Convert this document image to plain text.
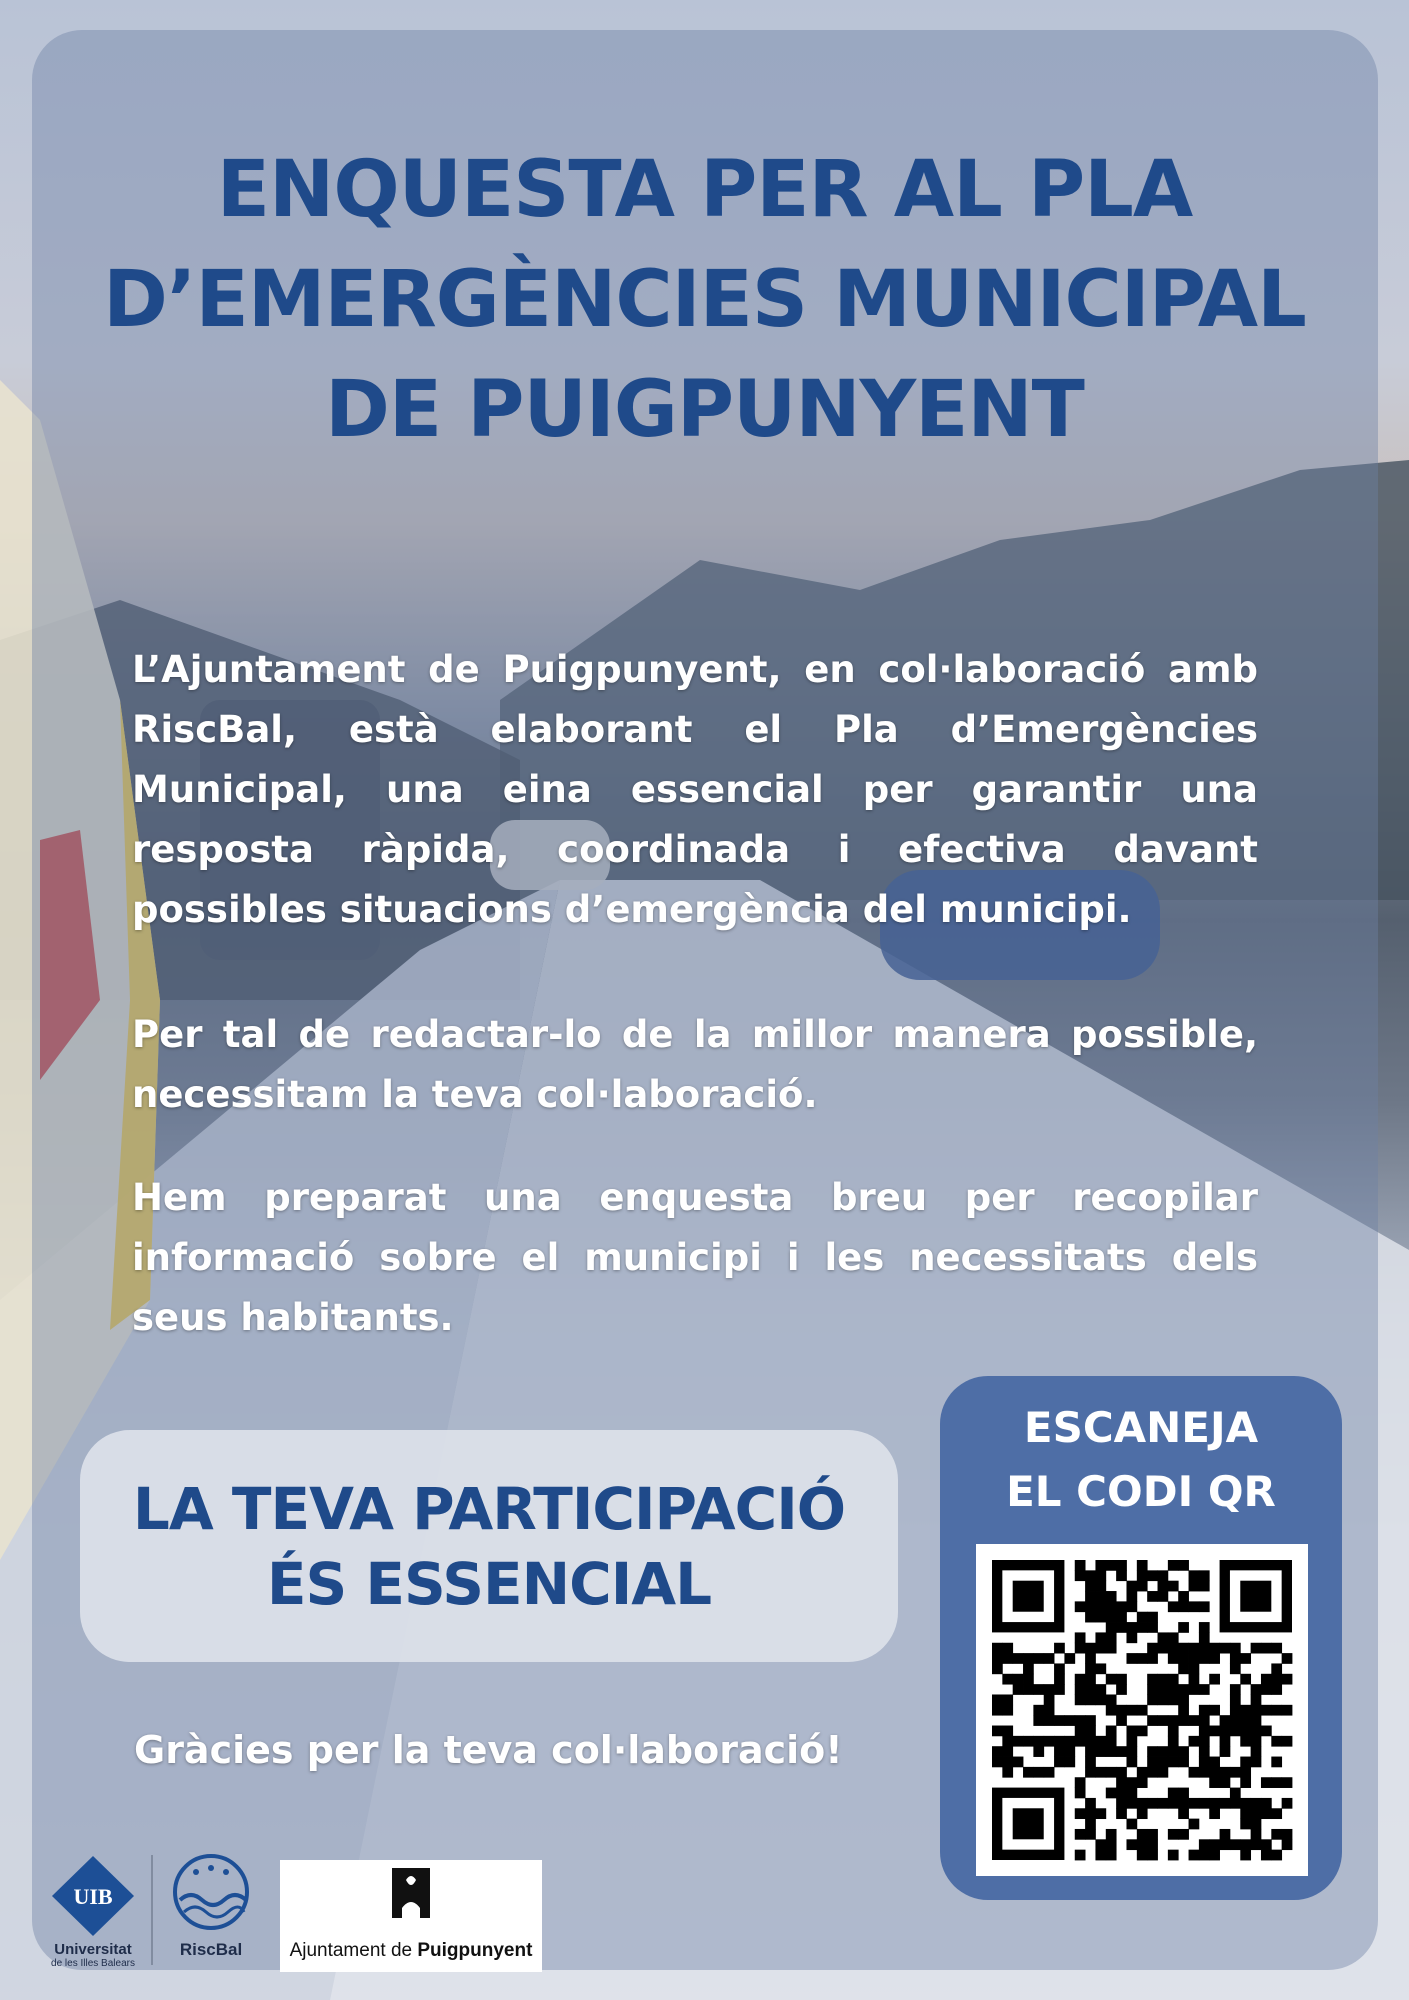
ENQUESTA PER AL PLA
D’EMERGÈNCIES MUNICIPAL
DE PUIGPUNYENT

L’Ajuntament de Puigpunyent, en col·laboració amb RiscBal, està elaborant el Pla d’Emergències Municipal, una eina essencial per garantir una resposta ràpida, coordinada i efectiva davant possibles situacions d’emergència del municipi.

Per tal de redactar-lo de la millor manera possible, necessitam la teva col·laboració.

Hem preparat una enquesta breu per recopilar informació sobre el municipi i les necessitats dels seus habitants.

LA TEVA PARTICIPACIÓ
ÉS ESSENCIAL
Gràcies per la teva col·laboració!
ESCANEJA
EL CODI QR
UIB
Universitat
de les Illes Balears
RiscBal	Ajuntament de Puigpunyent
